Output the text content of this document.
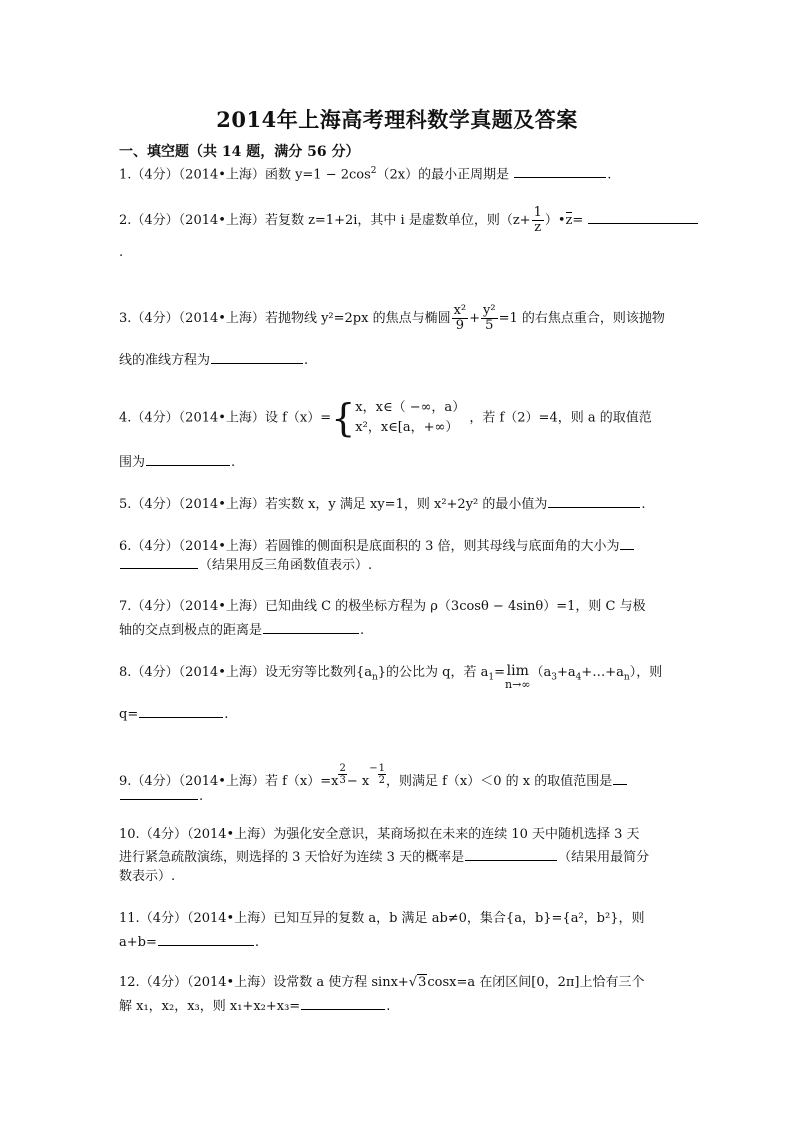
2014年上海高考理科数学真题及答案
一、填空题（共 14 题，满分 56 分）
1.（4分）（2014•上海）函数 $y=1 - 2\cos^2(2x)$的最小正周期是	.
2.（4分）（2014•上海）若复数 z=1+2i，其中 i 是虚数单位，则（$z+ \frac{1}{z}$ ）•z=
.
3.（4分）（2014•上海）若抛物线 y²=2px 的焦点与椭圆 $\frac{\text{x²}}{9} + \frac{\text{y²}}{5} =1$ 的右焦点重合，则该抛物
线的准线方程为	.
4.（4分）（2014•上海）设 f（x）={ x，x∈（ −∞，a）
x²，x∈[a，+∞）
，若 f（2）=4，则 a 的取值范
围为	.
5.（4分）（2014•上海）若实数 x，y 满足 xy=1，则 x²+2y² 的最小值为	.
6.（4分）（2014•上海）若圆锥的侧面积是底面积的 3 倍，则其母线与底面角的大小为
（结果用反三角函数值表示）.
7.（4分）（2014•上海）已知曲线 C 的极坐标方程为 ρ（3cosθ − 4sinθ）=1，则 C 与极
轴的交点到极点的距离是	.
8.（4分）（2014•上海）设无穷等比数列$\{a_n\}$的公比为 q，若 $a_1= \lim$
n→∞
$(a_3+a_4+\dots+a_n)$，则
q=	.
9.（4分）（2014•上海）若 $f(x)=x \frac{2}{3} - x^- \frac{1}{2}$ ，则满足 f（x）＜0 的 x 的取值范围是
.
10.（4分）（2014•上海）为强化安全意识，某商场拟在未来的连续 10 天中随机选择 3 天
进行紧急疏散演练，则选择的 3 天恰好为连续 3 天的概率是	（结果用最简分
数表示）.
11.（4分）（2014•上海）已知互异的复数 a，b 满足 ab≠0，集合{a，b}={a²，b²}，则
a+b=	.
12.（4分）（2014•上海）设常数 a 使方程 sinx+√3cosx=a 在闭区间[0，2π]上恰有三个
解 x₁，x₂，x₃，则 x₁+x₂+x₃=	.
